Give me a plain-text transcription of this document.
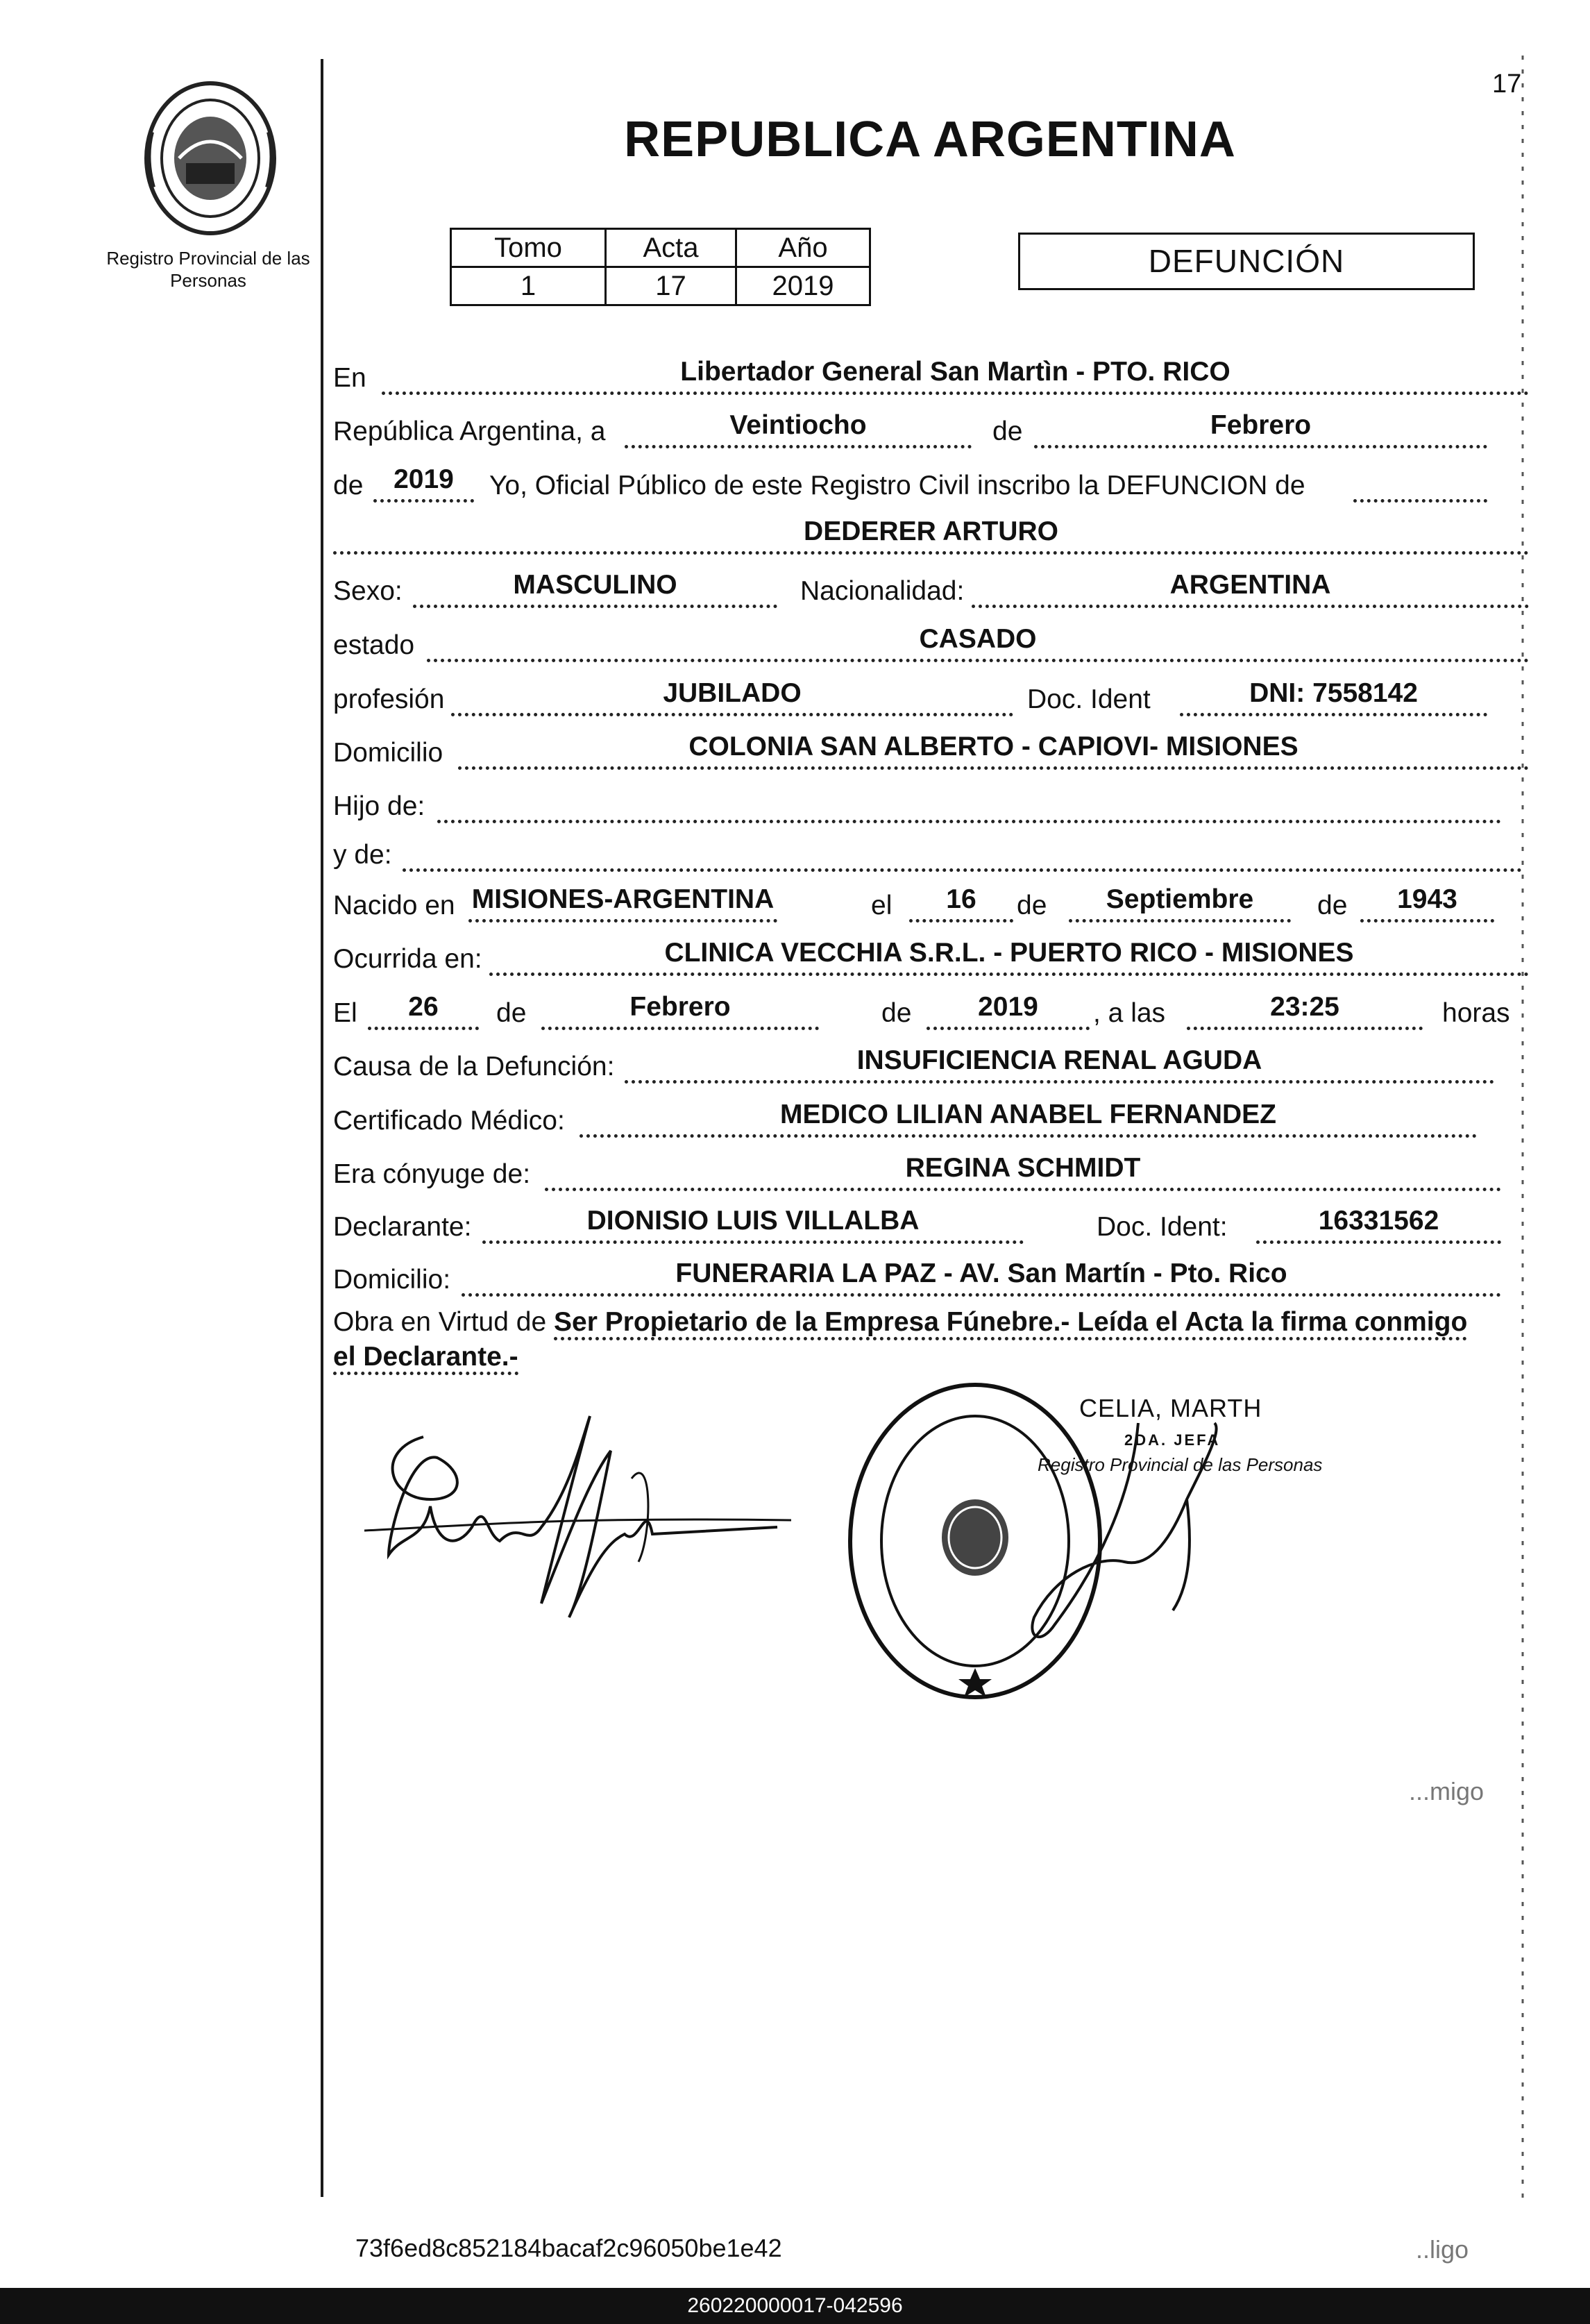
Registro Provincial de las Personas
17
REPUBLICA ARGENTINA
Tomo	Acta	Año
1	17	2019
DEFUNCIÓN
En	Libertador General San Martìn - PTO. RICO
República Argentina, a	Veintiocho	de	Febrero
de	2019	Yo, Oficial Público de este Registro Civil inscribo la DEFUNCION de
DEDERER ARTURO
Sexo:	MASCULINO	Nacionalidad:	ARGENTINA
estado	CASADO
profesión	JUBILADO	Doc. Ident	DNI: 7558142
Domicilio	COLONIA SAN ALBERTO - CAPIOVI- MISIONES
Hijo de:
y de:
Nacido en MISIONES-ARGENTINA	el	16	de	Septiembre	de	1943
Ocurrida en:	CLINICA VECCHIA S.R.L. - PUERTO RICO - MISIONES
El	26	de	Febrero	de	2019	, a las	23:25	horas
Causa de la Defunción:	INSUFICIENCIA RENAL AGUDA
Certificado Médico:	MEDICO LILIAN ANABEL FERNANDEZ
Era cónyuge de:	REGINA SCHMIDT
Declarante:	DIONISIO LUIS VILLALBA	Doc. Ident:	16331562
Domicilio:	FUNERARIA LA PAZ - AV. San Martín - Pto. Rico
Obra en Virtud de Ser Propietario de la Empresa Fúnebre.- Leída el Acta la firma conmigo
el Declarante.-
CELIA, MARTH
2DA. JEFA
Registro Provincial de las Personas
...migo
..ligo
73f6ed8c852184bacaf2c96050be1e42
260220000017-042596
